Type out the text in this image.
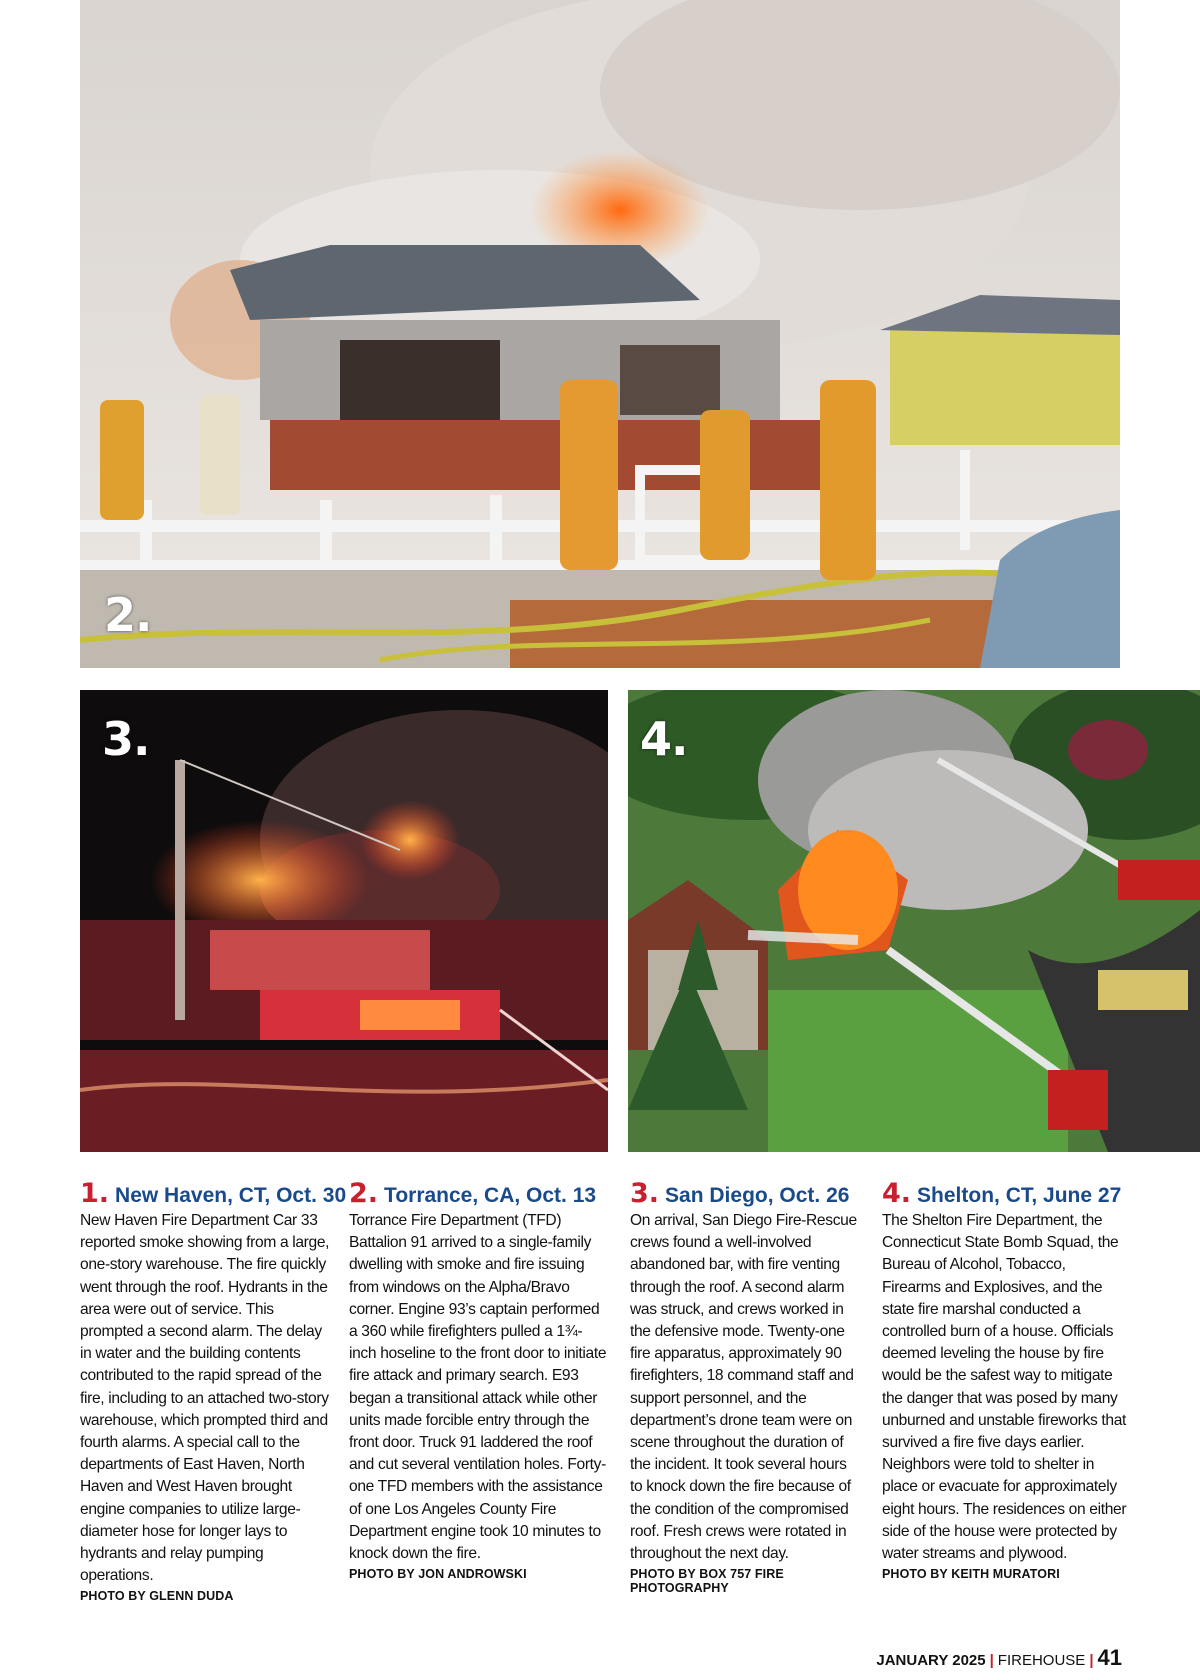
2.
3.	4.
1. New Haven, CT, Oct. 30

New Haven Fire Department Car 33 reported smoke showing from a large, one-story warehouse. The fire quickly went through the roof. Hydrants in the area were out of service. This prompted a second alarm. The delay in water and the building contents contributed to the rapid spread of the fire, including to an attached two-story warehouse, which prompted third and fourth alarms. A special call to the departments of East Haven, North Haven and West Haven brought engine companies to utilize large-diameter hose for longer lays to hydrants and relay pumping operations.

PHOTO BY GLENN DUDA
2. Torrance, CA, Oct. 13

Torrance Fire Department (TFD) Battalion 91 arrived to a single-family dwelling with smoke and fire issuing from windows on the Alpha/Bravo corner. Engine 93’s captain performed a 360 while firefighters pulled a 1¾-inch hoseline to the front door to initiate fire attack and primary search. E93 began a transitional attack while other units made forcible entry through the front door. Truck 91 laddered the roof and cut several ventilation holes. Forty-one TFD members with the assistance of one Los Angeles County Fire Department engine took 10 minutes to knock down the fire.

PHOTO BY JON ANDROWSKI
3. San Diego, Oct. 26

On arrival, San Diego Fire-Rescue crews found a well-involved abandoned bar, with fire venting through the roof. A second alarm was struck, and crews worked in the defensive mode. Twenty-one fire apparatus, approximately 90 firefighters, 18 command staff and support personnel, and the department’s drone team were on scene throughout the duration of the incident. It took several hours to knock down the fire because of the condition of the compromised roof. Fresh crews were rotated in throughout the next day.

PHOTO BY BOX 757 FIRE PHOTOGRAPHY
4. Shelton, CT, June 27

The Shelton Fire Department, the Connecticut State Bomb Squad, the Bureau of Alcohol, Tobacco, Firearms and Explosives, and the state fire marshal conducted a controlled burn of a house. Officials deemed leveling the house by fire would be the safest way to mitigate the danger that was posed by many unburned and unstable fireworks that survived a fire five days earlier. Neighbors were told to shelter in place or evacuate for approximately eight hours. The residences on either side of the house were protected by water streams and plywood.

PHOTO BY KEITH MURATORI
JANUARY 2025 | FIREHOUSE | 41
